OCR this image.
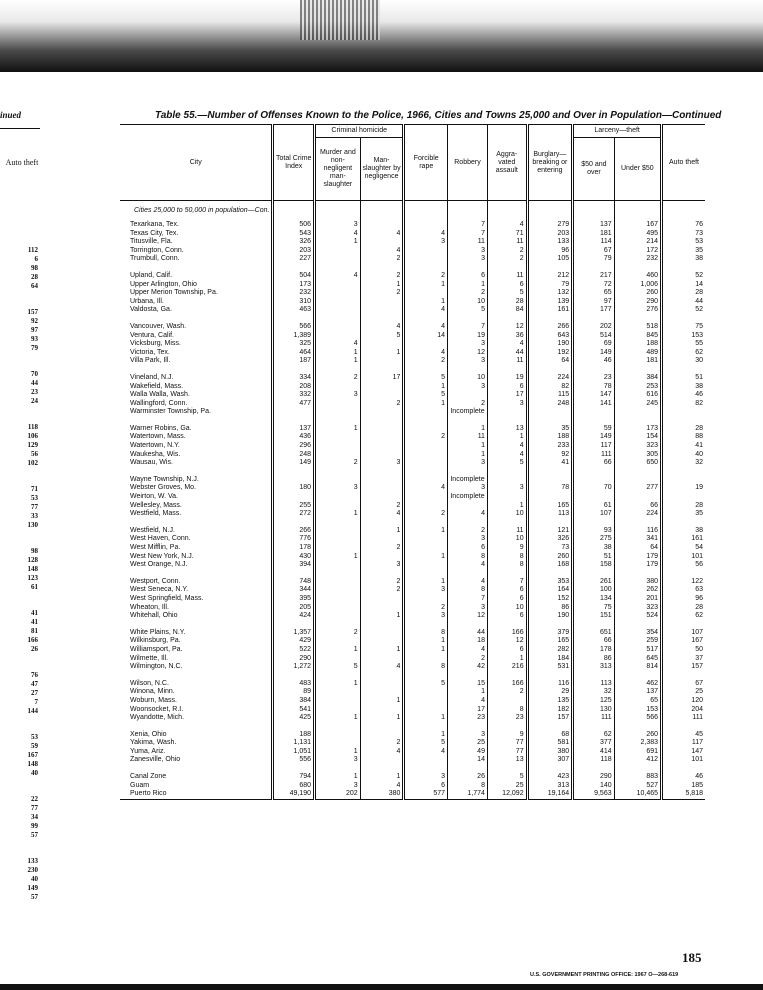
inued
Auto theft
112
6
98
28
64
157
92
97
93
79
70
44
23
24
118
106
129
56
102
71
53
77
33
130
98
128
148
123
61
41
41
81
166
26
76
47
27
7
144
53
59
167
148
40
22
77
34
99
57
133
230
40
149
57
Table 55.—Number of Offenses Known to the Police, 1966, Cities and Towns 25,000 and Over in Population—Continued
City	Total Crime Index	Criminal homicide		Forcible rape	Robbery	Aggra-vated assault	Burglary—breaking or entering	Larceny—theft		Auto theft
		Murder and non-negligent man-slaughter	Man-slaughter by negligence					$50 and over	Under $50	
Cities 25,000 to 50,000 in population—Con.										
Texarkana, Tex.	506	3			7	4	279	137	167	76
Texas City, Tex.	543	4	4	4	7	71	203	181	495	73
Titusville, Fla.	326	1		3	11	11	133	114	214	53
Torrington, Conn.	203		4		3	2	96	67	172	35
Trumbull, Conn.	227		2		3	2	105	79	232	38

Upland, Calif.	504	4	2	2	6	11	212	217	460	52
Upper Arlington, Ohio	173		1	1	1	6	79	72	1,006	14
Upper Merion Township, Pa.	232		2		2	5	132	65	260	28
Urbana, Ill.	310			1	10	28	139	97	290	44
Valdosta, Ga.	463			4	5	84	161	177	276	52

Vancouver, Wash.	566		4	4	7	12	266	202	518	75
Ventura, Calif.	1,389		5	14	19	36	643	514	845	153
Vicksburg, Miss.	325	4			3	4	190	69	188	55
Victoria, Tex.	464	1	1	4	12	44	192	149	489	62
Villa Park, Ill.	187	1		2	3	11	64	46	181	30

Vineland, N.J.	334	2	17	5	10	19	224	23	384	51
Wakefield, Mass.	208			1	3	6	82	78	253	38
Walla Walla, Wash.	332	3		5		17	115	147	616	46
Wallingford, Conn.	477		2	1	2	3	248	141	245	82
Warminster Township, Pa.					Incomplete					

Warner Robins, Ga.	137	1			1	13	35	59	173	28
Watertown, Mass.	436			2	11	1	188	149	154	88
Watertown, N.Y.	296				1	4	233	117	323	41
Waukesha, Wis.	248				1	4	92	111	305	40
Wausau, Wis.	149	2	3		3	5	41	66	650	32

Wayne Township, N.J.					Incomplete					
Webster Groves, Mo.	180	3		4	3	3	78	70	277	19
Weirton, W. Va.					Incomplete					
Wellesley, Mass.	255		2			1	165	61	66	28
Westfield, Mass.	272	1	4	2	4	10	113	107	224	35

Westfield, N.J.	266		1	1	2	11	121	93	116	38
West Haven, Conn.	776				3	10	326	275	341	161
West Mifflin, Pa.	178		2		6	9	73	38	64	54
West New York, N.J.	430	1		1	8	8	260	51	179	101
West Orange, N.J.	394		3		4	8	168	158	179	56

Westport, Conn.	748		2	1	4	7	353	261	380	122
West Seneca, N.Y.	344		2	3	8	6	164	100	262	63
West Springfield, Mass.	395				7	6	152	134	201	96
Wheaton, Ill.	205			2	3	10	86	75	323	28
Whitehall, Ohio	424		1	3	12	6	190	151	524	62

White Plains, N.Y.	1,357	2		8	44	166	379	651	354	107
Wilkinsburg, Pa.	429			1	18	12	165	66	259	167
Williamsport, Pa.	522	1	1	1	4	6	282	178	517	50
Wilmette, Ill.	290				2	1	184	86	645	37
Wilmington, N.C.	1,272	5	4	8	42	216	531	313	814	157

Wilson, N.C.	483	1		5	15	166	116	113	462	67
Winona, Minn.	89				1	2	29	32	137	25
Woburn, Mass.	384		1		4		135	125	65	120
Woonsocket, R.I.	541				17	8	182	130	153	204
Wyandotte, Mich.	425	1	1	1	23	23	157	111	566	111

Xenia, Ohio	188			1	3	9	68	62	260	45
Yakima, Wash.	1,131		2	5	25	77	581	377	2,383	117
Yuma, Ariz.	1,051	1	4	4	49	77	380	414	691	147
Zanesville, Ohio	556	3			14	13	307	118	412	101

Canal Zone	794	1	1	3	26	5	423	290	883	46
Guam	680	3	4	6	8	25	313	140	527	185
Puerto Rico	49,190	202	380	577	1,774	12,092	19,164	9,563	10,465	5,818
185
U.S. GOVERNMENT PRINTING OFFICE: 1967 O—268-619
